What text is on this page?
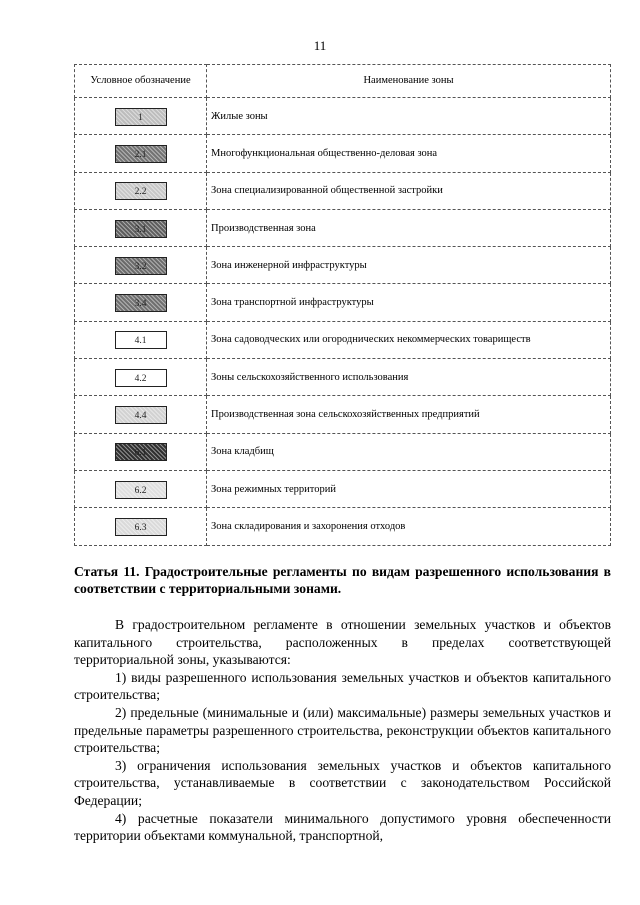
11
Условное обозначение	Наименование зоны
1	Жилые зоны
2.1	Многофункциональная общественно-деловая зона
2.2	Зона специализированной общественной застройки
3.1	Производственная зона
3.2	Зона инженерной инфраструктуры
3.4	Зона транспортной инфраструктуры
4.1	Зона садоводческих или огороднических некоммерческих товариществ
4.2	Зоны сельскохозяйственного использования
4.4	Производственная зона сельскохозяйственных предприятий
6.1	Зона кладбищ
6.2	Зона режимных территорий
6.3	Зона складирования и захоронения отходов
Статья 11. Градостроительные регламенты по видам разрешенного использования в соответствии с территориальными зонами.

В градостроительном регламенте в отношении земельных участков и объектов капитального строительства, расположенных в пределах соответствующей территориальной зоны, указываются:

1) виды разрешенного использования земельных участков и объектов капитального строительства;

2) предельные (минимальные и (или) максимальные) размеры земельных участков и предельные параметры разрешенного строительства, реконструкции объектов капитального строительства;

3) ограничения использования земельных участков и объектов капитального строительства, устанавливаемые в соответствии с законодательством Российской Федерации;

4) расчетные показатели минимального допустимого уровня обеспеченности территории объектами коммунальной, транспортной,
